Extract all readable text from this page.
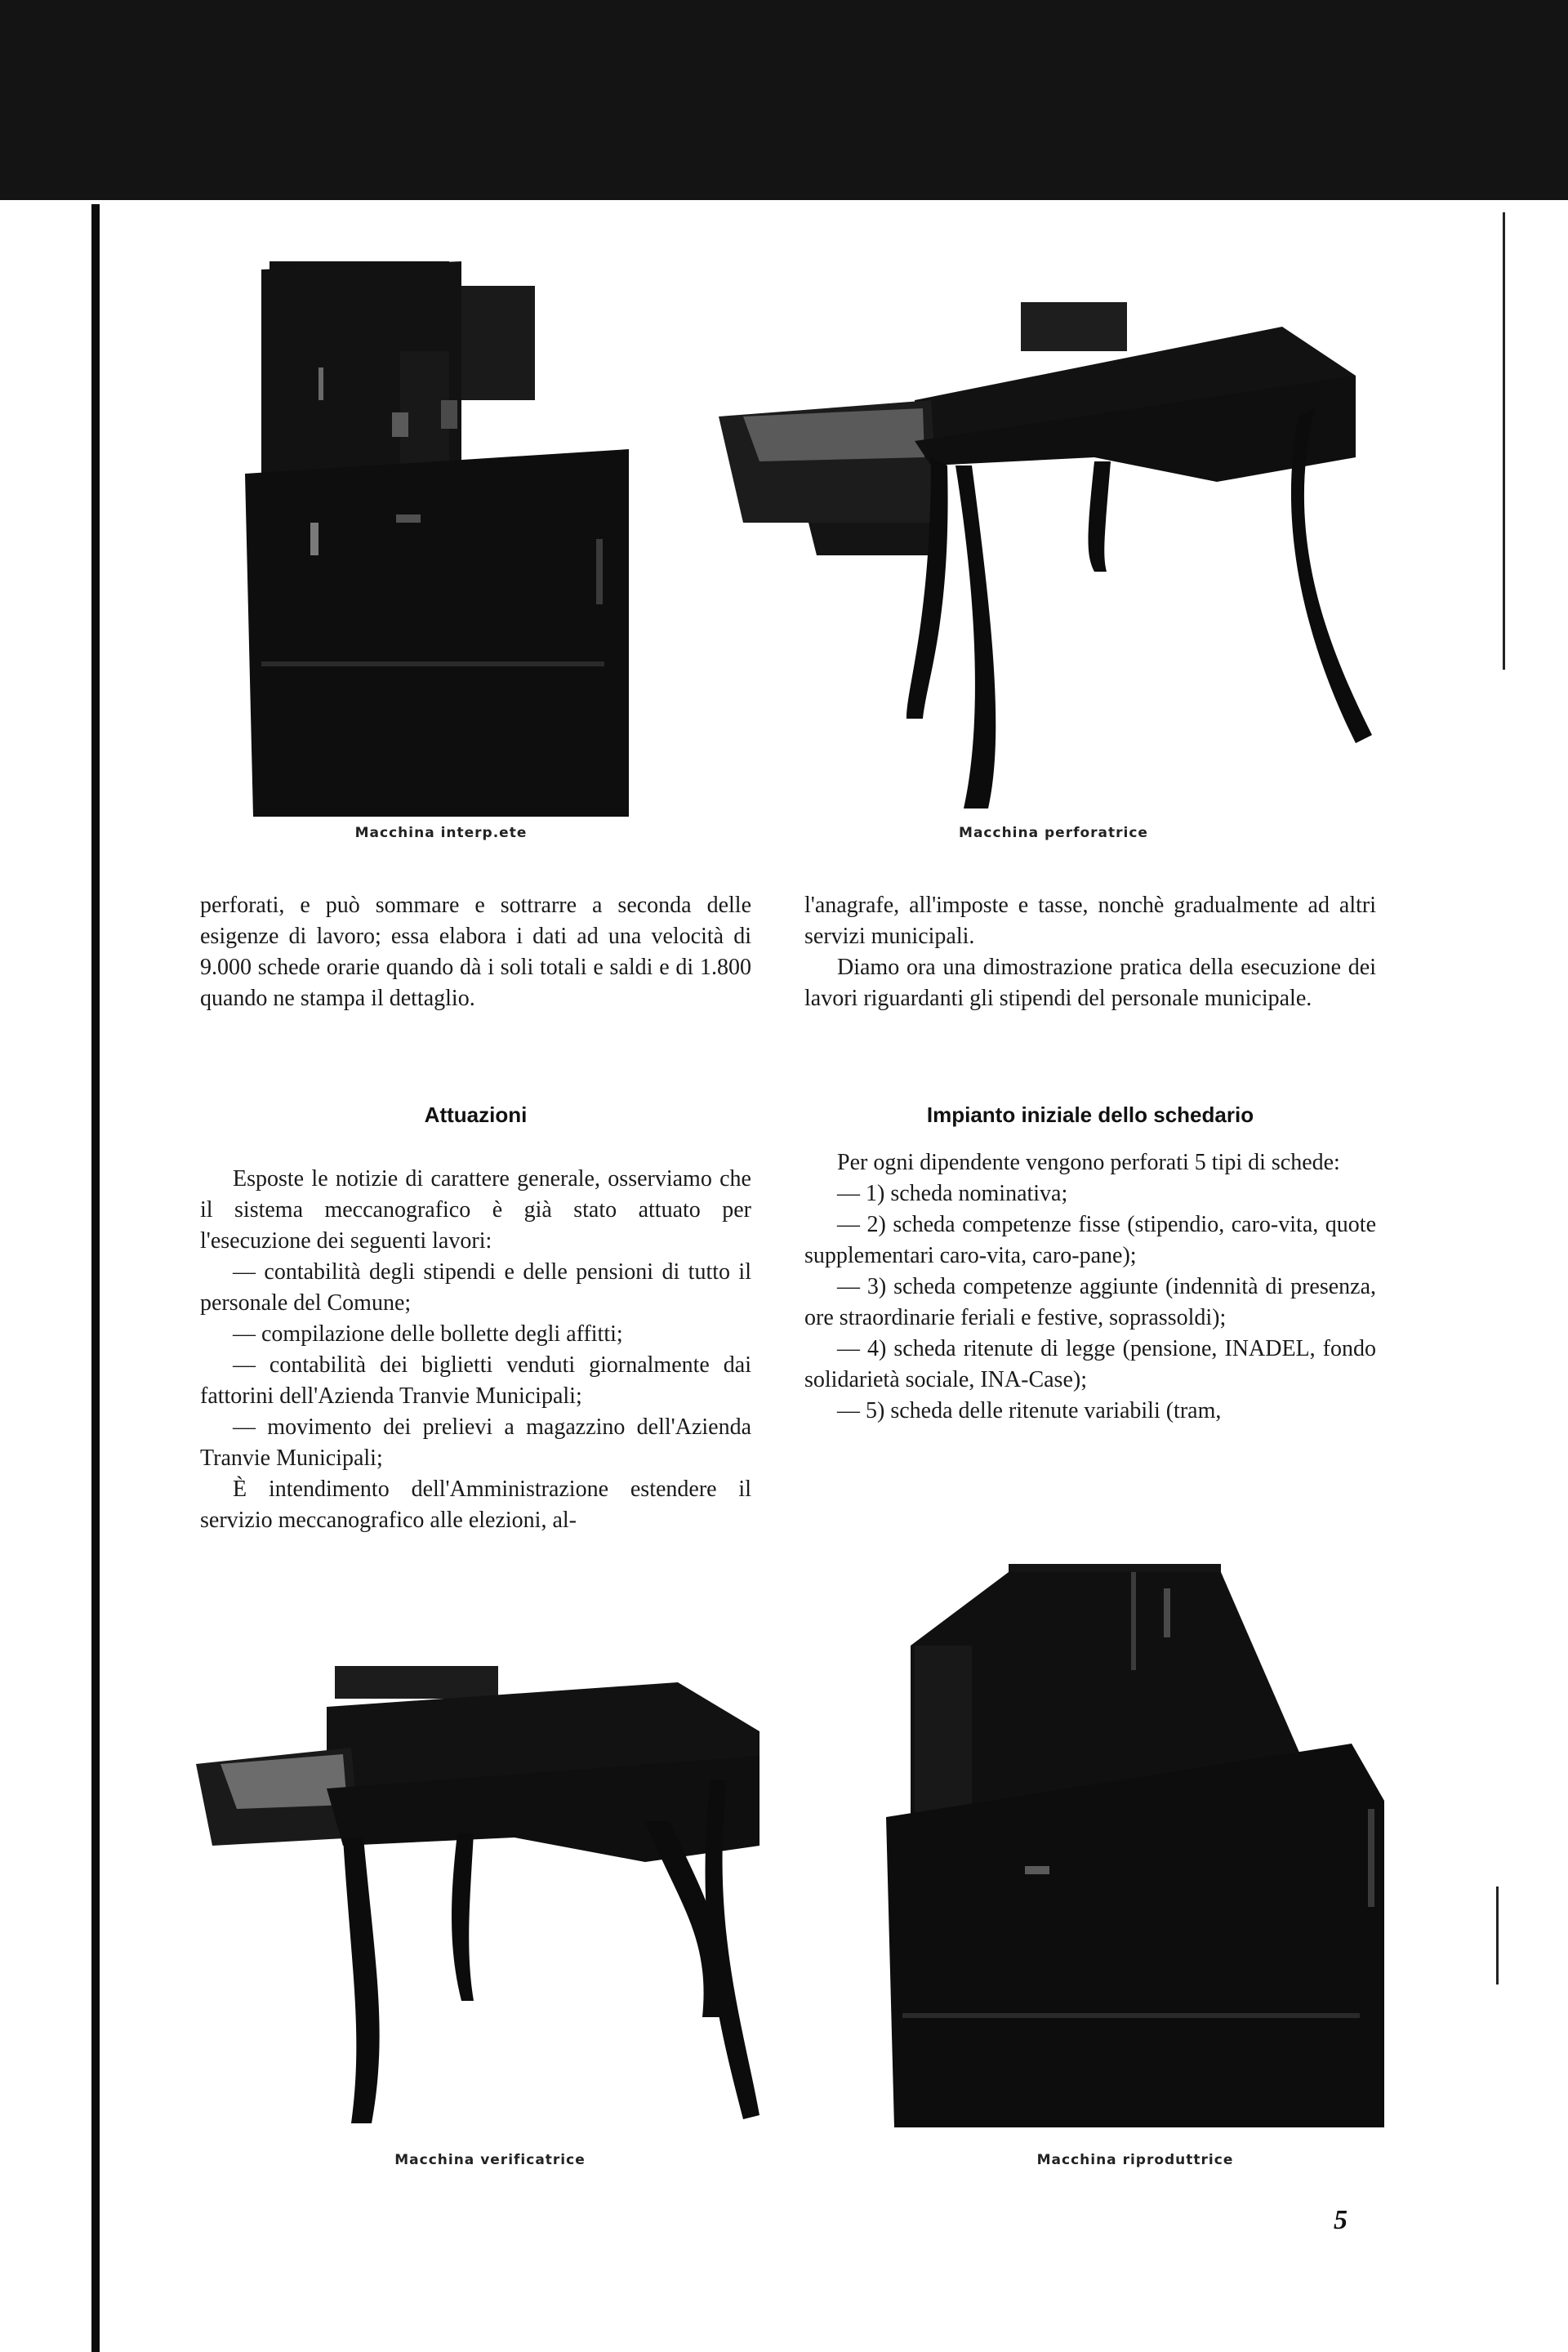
Macchina interp.ete	Macchina perforatrice

perforati, e può sommare e sottrarre a seconda delle esigenze di lavoro; essa elabora i dati ad una velocità di 9.000 schede orarie quando dà i soli totali e saldi e di 1.800 quando ne stampa il dettaglio.

Attuazioni

Esposte le notizie di carattere generale, osserviamo che il sistema meccanografico è già stato attuato per l'esecuzione dei seguenti lavori:

— contabilità degli stipendi e delle pensioni di tutto il personale del Comune;

— compilazione delle bollette degli affitti;

— contabilità dei biglietti venduti giornalmente dai fattorini dell'Azienda Tranvie Municipali;

— movimento dei prelievi a magazzino dell'Azienda Tranvie Municipali;

È intendimento dell'Amministrazione estendere il servizio meccanografico alle elezioni, al-

l'anagrafe, all'imposte e tasse, nonchè gradualmente ad altri servizi municipali.

Diamo ora una dimostrazione pratica della esecuzione dei lavori riguardanti gli stipendi del personale municipale.

Impianto iniziale dello schedario

Per ogni dipendente vengono perforati 5 tipi di schede:

— 1) scheda nominativa;

— 2) scheda competenze fisse (stipendio, caro-vita, quote supplementari caro-vita, caro-pane);

— 3) scheda competenze aggiunte (indennità di presenza, ore straordinarie feriali e festive, soprassoldi);

— 4) scheda ritenute di legge (pensione, INADEL, fondo solidarietà sociale, INA-Case);

— 5) scheda delle ritenute variabili (tram,

Macchina verificatrice	Macchina riproduttrice
5
